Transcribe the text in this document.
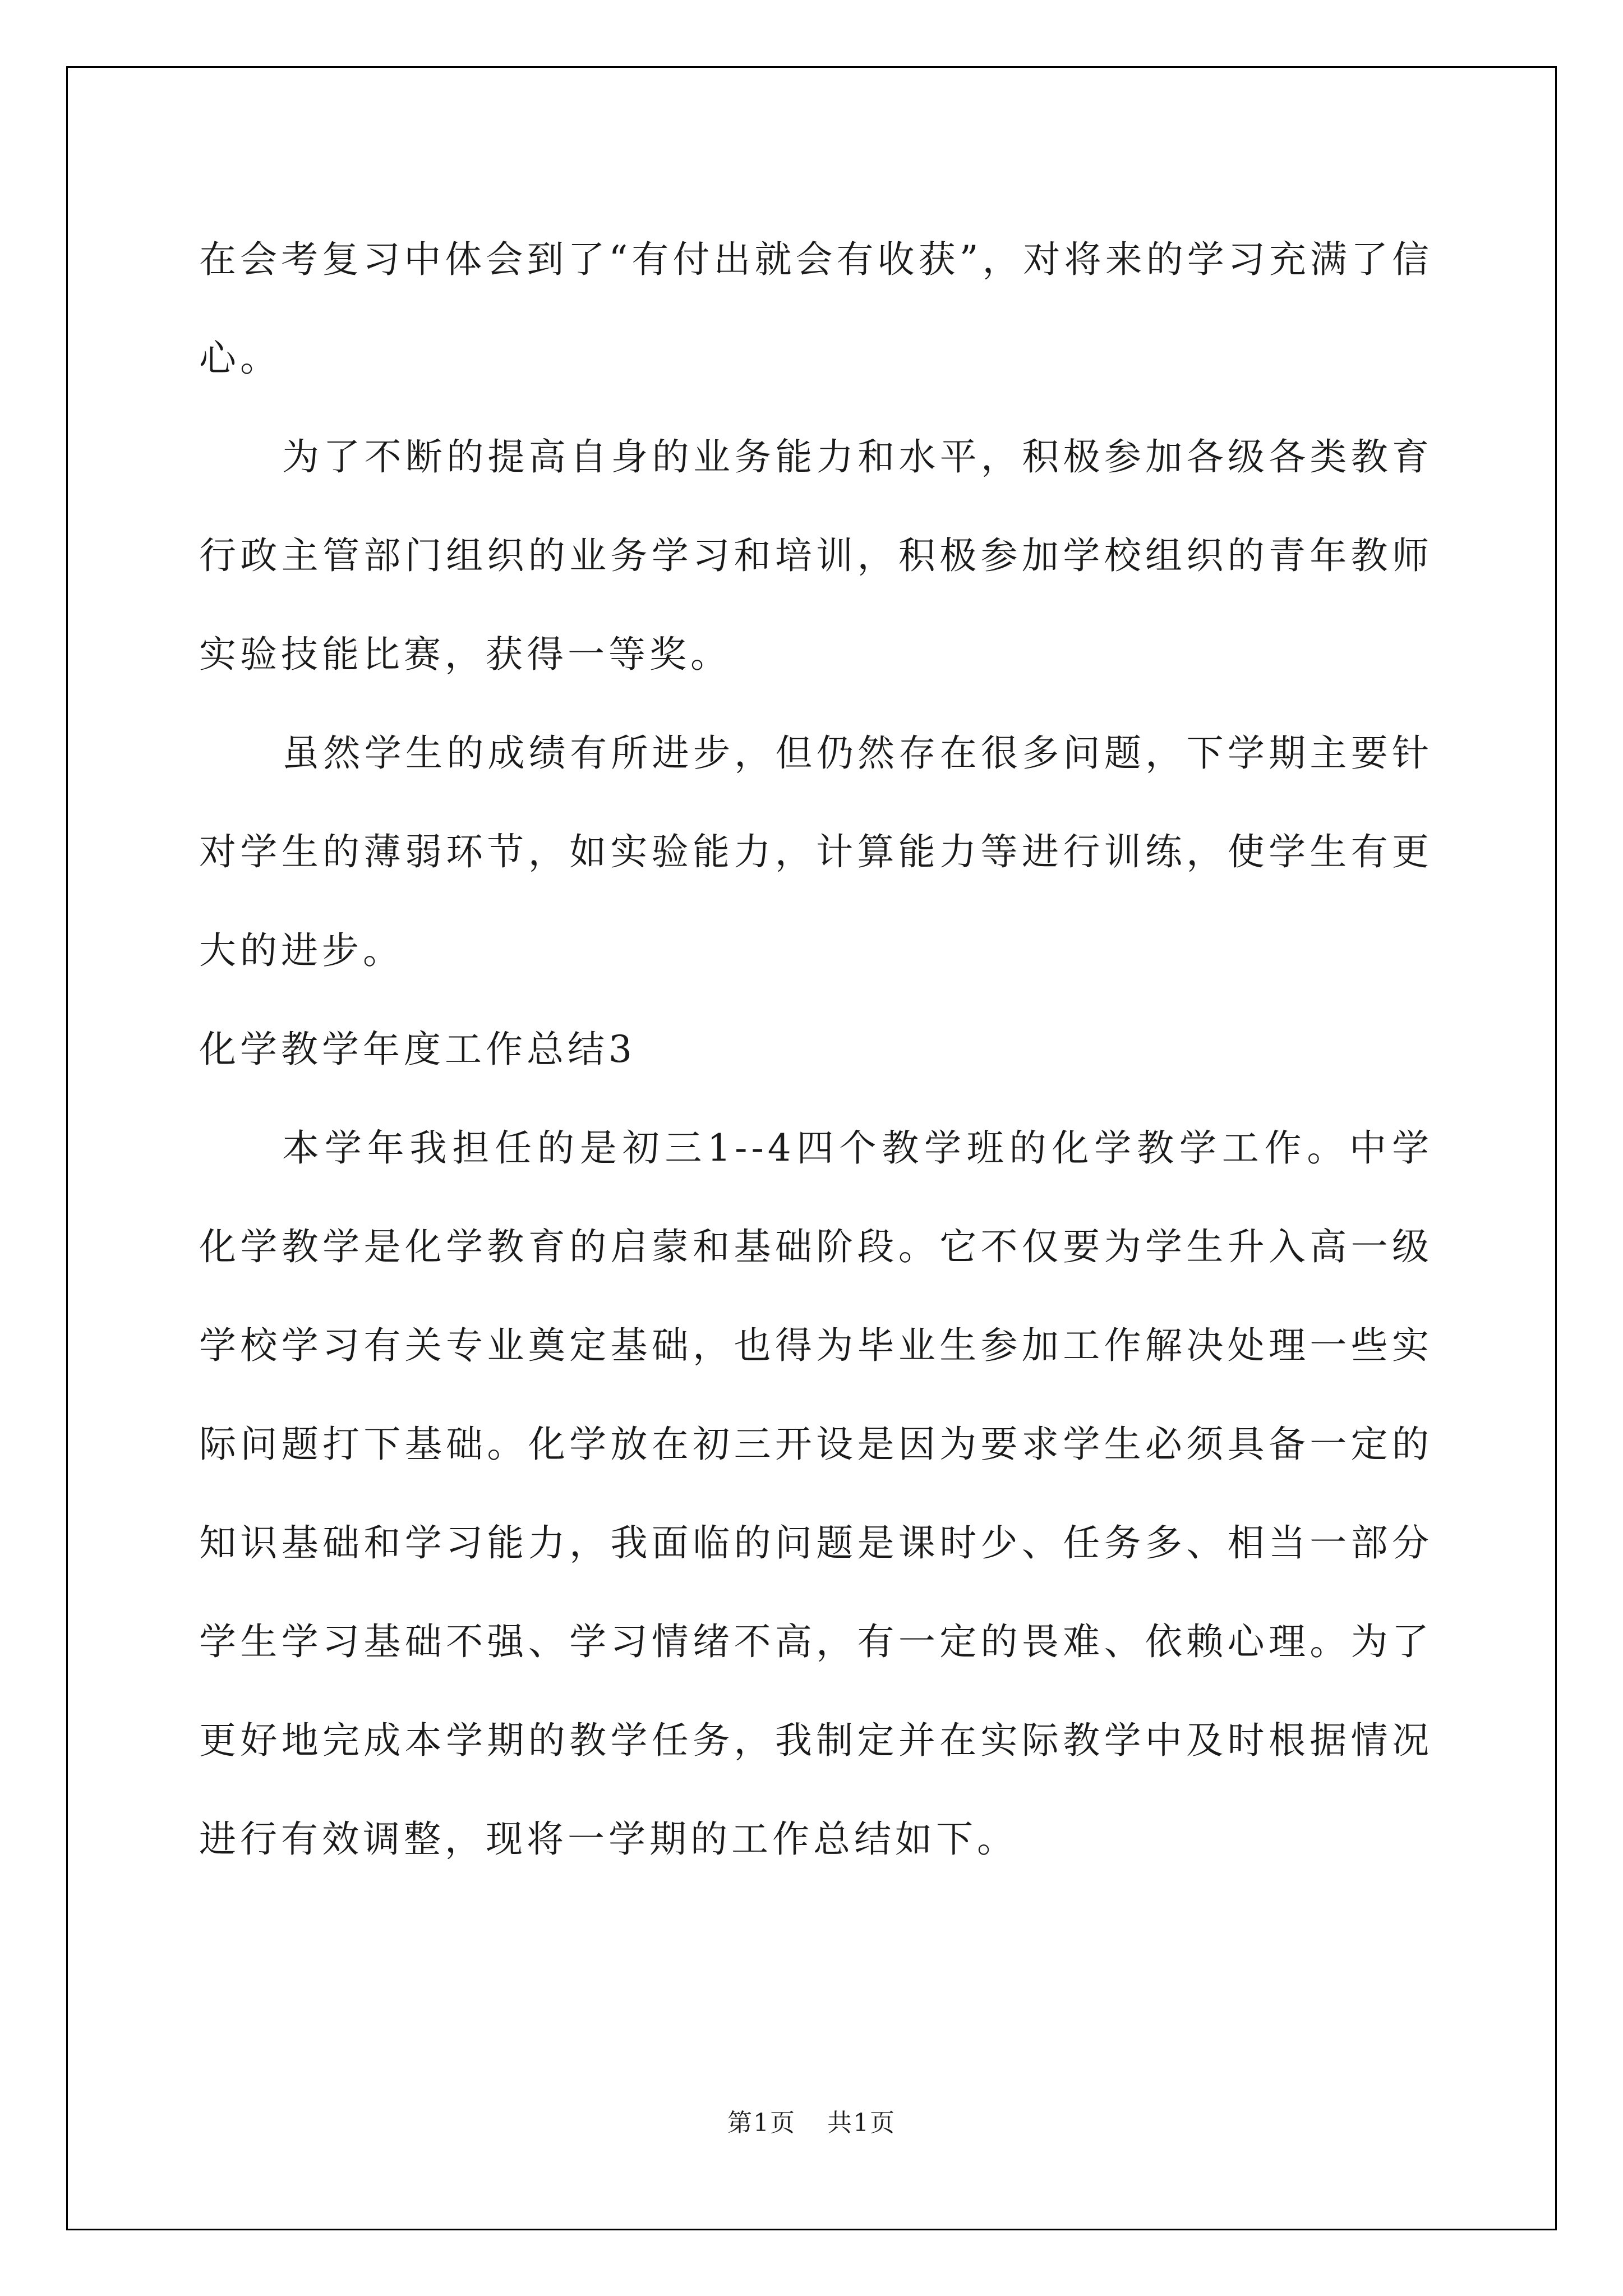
在会考复习中体会到了“有付出就会有收获”，对将来的学习充满了信心。

为了不断的提高自身的业务能力和水平，积极参加各级各类教育行政主管部门组织的业务学习和培训，积极参加学校组织的青年教师实验技能比赛，获得一等奖。

虽然学生的成绩有所进步，但仍然存在很多问题，下学期主要针对学生的薄弱环节，如实验能力，计算能力等进行训练，使学生有更大的进步。

化学教学年度工作总结3

本学年我担任的是初三1--4四个教学班的化学教学工作。中学化学教学是化学教育的启蒙和基础阶段。它不仅要为学生升入高一级学校学习有关专业奠定基础，也得为毕业生参加工作解决处理一些实际问题打下基础。化学放在初三开设是因为要求学生必须具备一定的知识基础和学习能力，我面临的问题是课时少、任务多、相当一部分学生学习基础不强、学习情绪不高，有一定的畏难、依赖心理。为了更好地完成本学期的教学任务，我制定并在实际教学中及时根据情况进行有效调整，现将一学期的工作总结如下。

第1页 共1页
